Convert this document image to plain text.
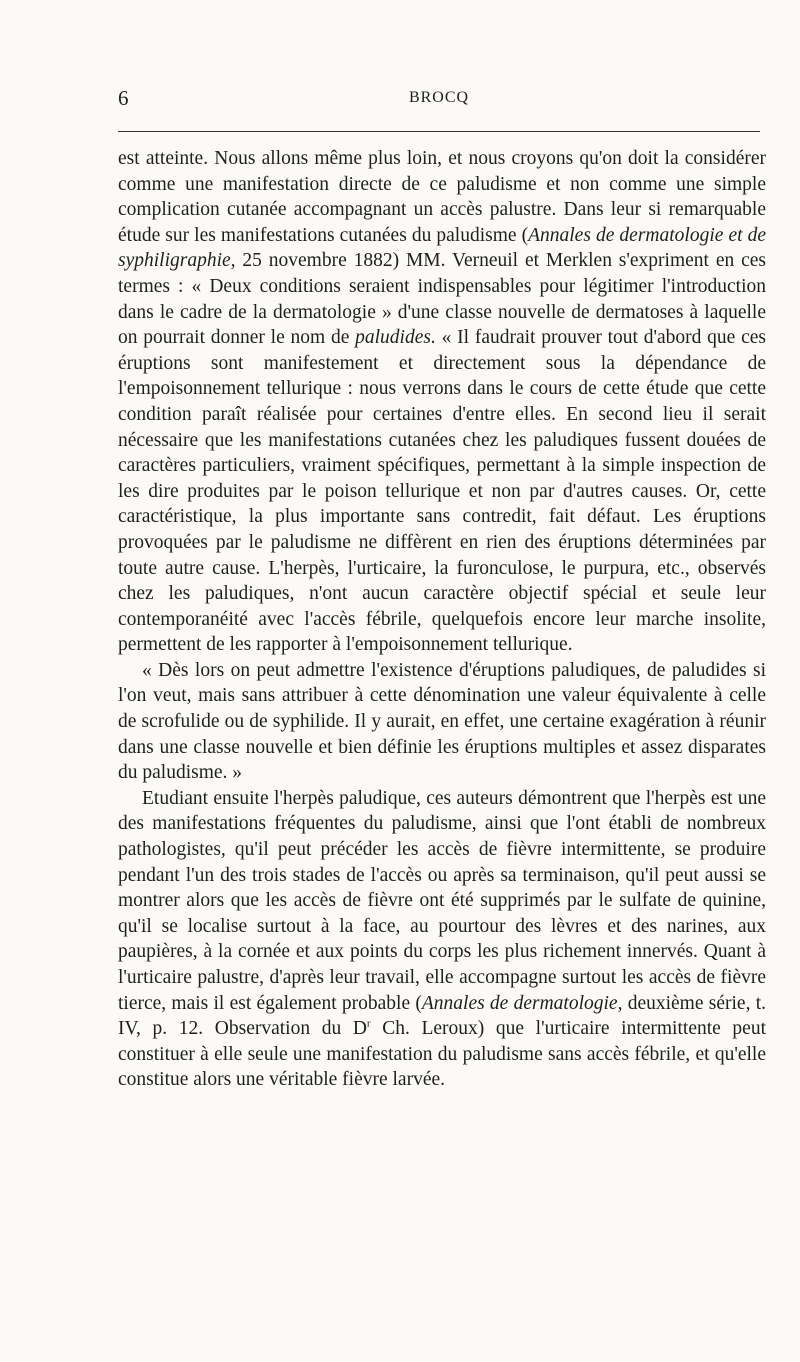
6	BROCQ

est atteinte. Nous allons même plus loin, et nous croyons qu'on doit la considérer comme une manifestation directe de ce paludisme et non comme une simple complication cutanée accompagnant un accès palustre. Dans leur si remarquable étude sur les manifestations cutanées du paludisme (Annales de dermatologie et de syphiligraphie, 25 novembre 1882) MM. Verneuil et Merklen s'expriment en ces termes : « Deux conditions seraient indispensables pour légitimer l'introduction dans le cadre de la dermatologie » d'une classe nouvelle de dermatoses à laquelle on pourrait donner le nom de paludides. « Il faudrait prouver tout d'abord que ces éruptions sont manifestement et directement sous la dépendance de l'empoisonnement tellurique : nous verrons dans le cours de cette étude que cette condition paraît réalisée pour certaines d'entre elles. En second lieu il serait nécessaire que les manifestations cutanées chez les paludiques fussent douées de caractères particuliers, vraiment spécifiques, permettant à la simple inspection de les dire produites par le poison tellurique et non par d'autres causes. Or, cette caractéristique, la plus importante sans contredit, fait défaut. Les éruptions provoquées par le paludisme ne diffèrent en rien des éruptions déterminées par toute autre cause. L'herpès, l'urticaire, la furonculose, le purpura, etc., observés chez les paludiques, n'ont aucun caractère objectif spécial et seule leur contemporanéité avec l'accès fébrile, quelquefois encore leur marche insolite, permettent de les rapporter à l'empoisonnement tellurique.

« Dès lors on peut admettre l'existence d'éruptions paludiques, de paludides si l'on veut, mais sans attribuer à cette dénomination une valeur équivalente à celle de scrofulide ou de syphilide. Il y aurait, en effet, une certaine exagération à réunir dans une classe nouvelle et bien définie les éruptions multiples et assez disparates du paludisme. »

Etudiant ensuite l'herpès paludique, ces auteurs démontrent que l'herpès est une des manifestations fréquentes du paludisme, ainsi que l'ont établi de nombreux pathologistes, qu'il peut précéder les accès de fièvre intermittente, se produire pendant l'un des trois stades de l'accès ou après sa terminaison, qu'il peut aussi se montrer alors que les accès de fièvre ont été supprimés par le sulfate de quinine, qu'il se localise surtout à la face, au pourtour des lèvres et des narines, aux paupières, à la cornée et aux points du corps les plus richement innervés. Quant à l'urticaire palustre, d'après leur travail, elle accompagne surtout les accès de fièvre tierce, mais il est également probable (Annales de dermatologie, deuxième série, t. IV, p. 12. Observation du $D^r$ Ch. Leroux) que l'urticaire intermittente peut constituer à elle seule une manifestation du paludisme sans accès fébrile, et qu'elle constitue alors une véritable fièvre larvée.
